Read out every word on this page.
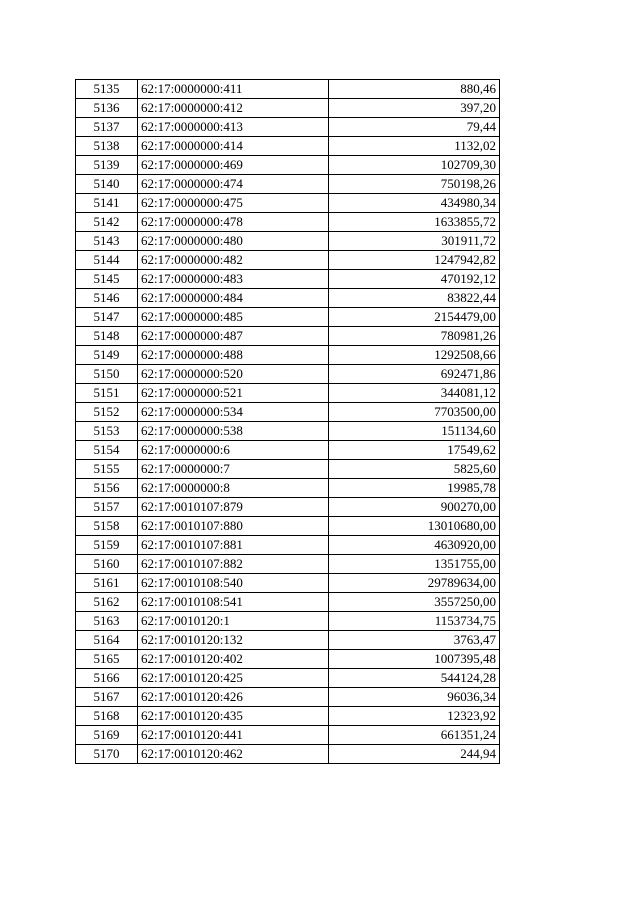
5135	62:17:0000000:411	880,46
5136	62:17:0000000:412	397,20
5137	62:17:0000000:413	79,44
5138	62:17:0000000:414	1132,02
5139	62:17:0000000:469	102709,30
5140	62:17:0000000:474	750198,26
5141	62:17:0000000:475	434980,34
5142	62:17:0000000:478	1633855,72
5143	62:17:0000000:480	301911,72
5144	62:17:0000000:482	1247942,82
5145	62:17:0000000:483	470192,12
5146	62:17:0000000:484	83822,44
5147	62:17:0000000:485	2154479,00
5148	62:17:0000000:487	780981,26
5149	62:17:0000000:488	1292508,66
5150	62:17:0000000:520	692471,86
5151	62:17:0000000:521	344081,12
5152	62:17:0000000:534	7703500,00
5153	62:17:0000000:538	151134,60
5154	62:17:0000000:6	17549,62
5155	62:17:0000000:7	5825,60
5156	62:17:0000000:8	19985,78
5157	62:17:0010107:879	900270,00
5158	62:17:0010107:880	13010680,00
5159	62:17:0010107:881	4630920,00
5160	62:17:0010107:882	1351755,00
5161	62:17:0010108:540	29789634,00
5162	62:17:0010108:541	3557250,00
5163	62:17:0010120:1	1153734,75
5164	62:17:0010120:132	3763,47
5165	62:17:0010120:402	1007395,48
5166	62:17:0010120:425	544124,28
5167	62:17:0010120:426	96036,34
5168	62:17:0010120:435	12323,92
5169	62:17:0010120:441	661351,24
5170	62:17:0010120:462	244,94
